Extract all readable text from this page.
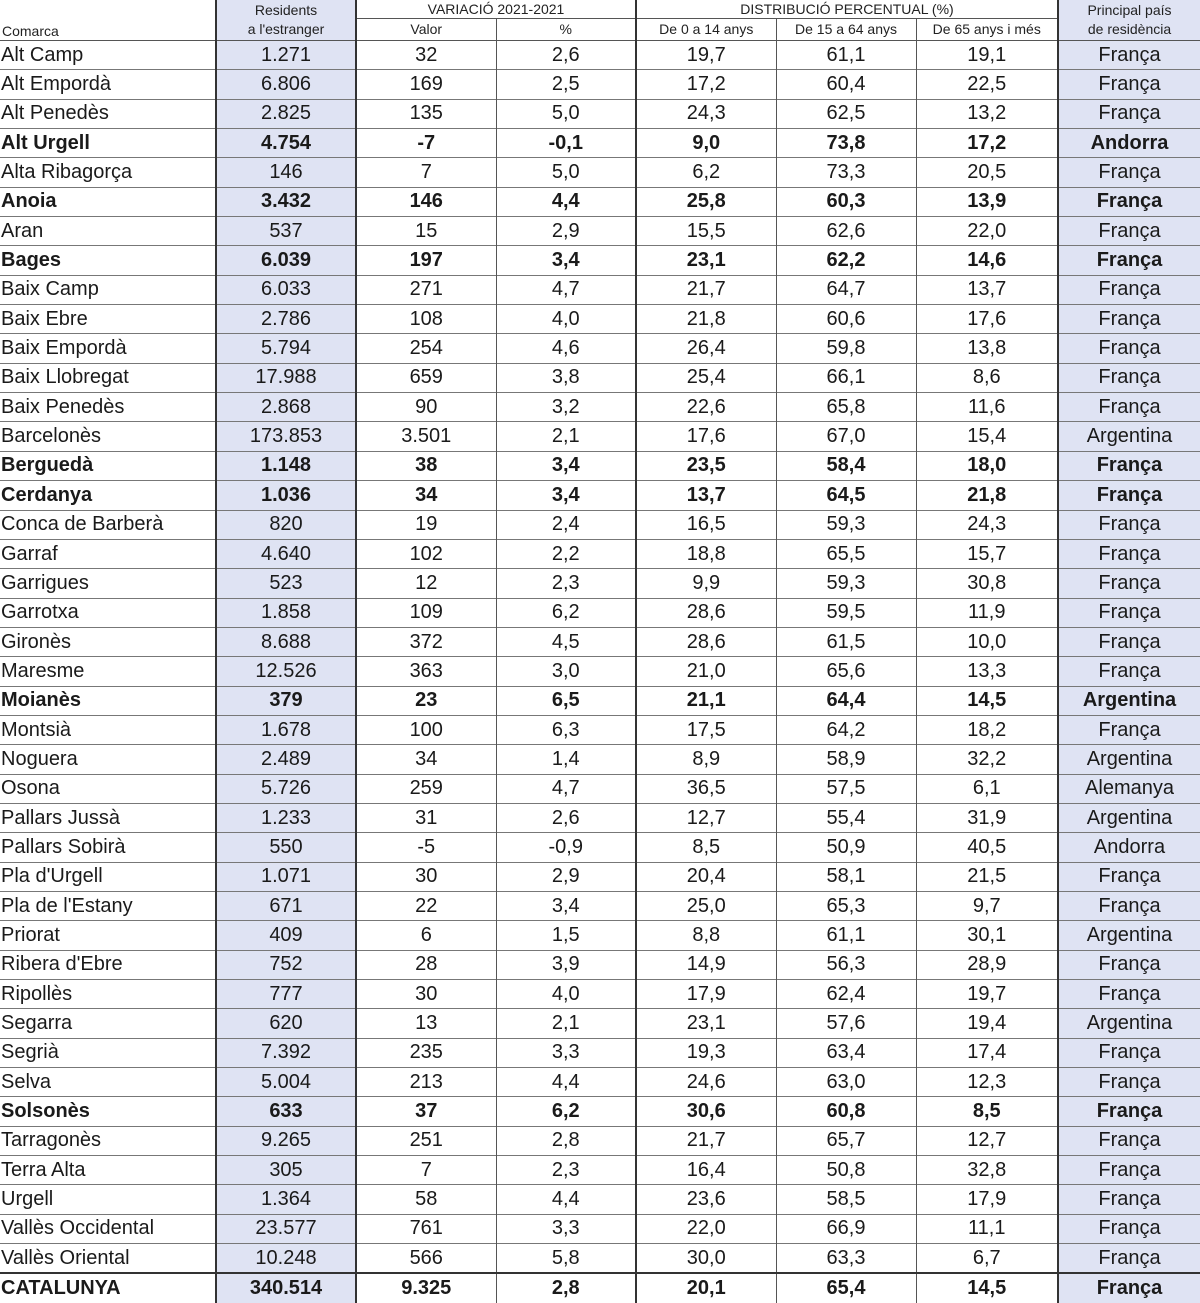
Comarca	Residents	VARIACIÓ 2021-2021		DISTRIBUCIÓ PERCENTUAL (%)			Principal país
	a l'estranger	Valor	%	De 0 a 14 anys	De 15 a 64 anys	De 65 anys i més	de residència
Alt Camp	1.271	32	2,6	19,7	61,1	19,1	França
Alt Empordà	6.806	169	2,5	17,2	60,4	22,5	França
Alt Penedès	2.825	135	5,0	24,3	62,5	13,2	França
Alt Urgell	4.754	-7	-0,1	9,0	73,8	17,2	Andorra
Alta Ribagorça	146	7	5,0	6,2	73,3	20,5	França
Anoia	3.432	146	4,4	25,8	60,3	13,9	França
Aran	537	15	2,9	15,5	62,6	22,0	França
Bages	6.039	197	3,4	23,1	62,2	14,6	França
Baix Camp	6.033	271	4,7	21,7	64,7	13,7	França
Baix Ebre	2.786	108	4,0	21,8	60,6	17,6	França
Baix Empordà	5.794	254	4,6	26,4	59,8	13,8	França
Baix Llobregat	17.988	659	3,8	25,4	66,1	8,6	França
Baix Penedès	2.868	90	3,2	22,6	65,8	11,6	França
Barcelonès	173.853	3.501	2,1	17,6	67,0	15,4	Argentina
Berguedà	1.148	38	3,4	23,5	58,4	18,0	França
Cerdanya	1.036	34	3,4	13,7	64,5	21,8	França
Conca de Barberà	820	19	2,4	16,5	59,3	24,3	França
Garraf	4.640	102	2,2	18,8	65,5	15,7	França
Garrigues	523	12	2,3	9,9	59,3	30,8	França
Garrotxa	1.858	109	6,2	28,6	59,5	11,9	França
Gironès	8.688	372	4,5	28,6	61,5	10,0	França
Maresme	12.526	363	3,0	21,0	65,6	13,3	França
Moianès	379	23	6,5	21,1	64,4	14,5	Argentina
Montsià	1.678	100	6,3	17,5	64,2	18,2	França
Noguera	2.489	34	1,4	8,9	58,9	32,2	Argentina
Osona	5.726	259	4,7	36,5	57,5	6,1	Alemanya
Pallars Jussà	1.233	31	2,6	12,7	55,4	31,9	Argentina
Pallars Sobirà	550	-5	-0,9	8,5	50,9	40,5	Andorra
Pla d'Urgell	1.071	30	2,9	20,4	58,1	21,5	França
Pla de l'Estany	671	22	3,4	25,0	65,3	9,7	França
Priorat	409	6	1,5	8,8	61,1	30,1	Argentina
Ribera d'Ebre	752	28	3,9	14,9	56,3	28,9	França
Ripollès	777	30	4,0	17,9	62,4	19,7	França
Segarra	620	13	2,1	23,1	57,6	19,4	Argentina
Segrià	7.392	235	3,3	19,3	63,4	17,4	França
Selva	5.004	213	4,4	24,6	63,0	12,3	França
Solsonès	633	37	6,2	30,6	60,8	8,5	França
Tarragonès	9.265	251	2,8	21,7	65,7	12,7	França
Terra Alta	305	7	2,3	16,4	50,8	32,8	França
Urgell	1.364	58	4,4	23,6	58,5	17,9	França
Vallès Occidental	23.577	761	3,3	22,0	66,9	11,1	França
Vallès Oriental	10.248	566	5,8	30,0	63,3	6,7	França
CATALUNYA	340.514	9.325	2,8	20,1	65,4	14,5	França
